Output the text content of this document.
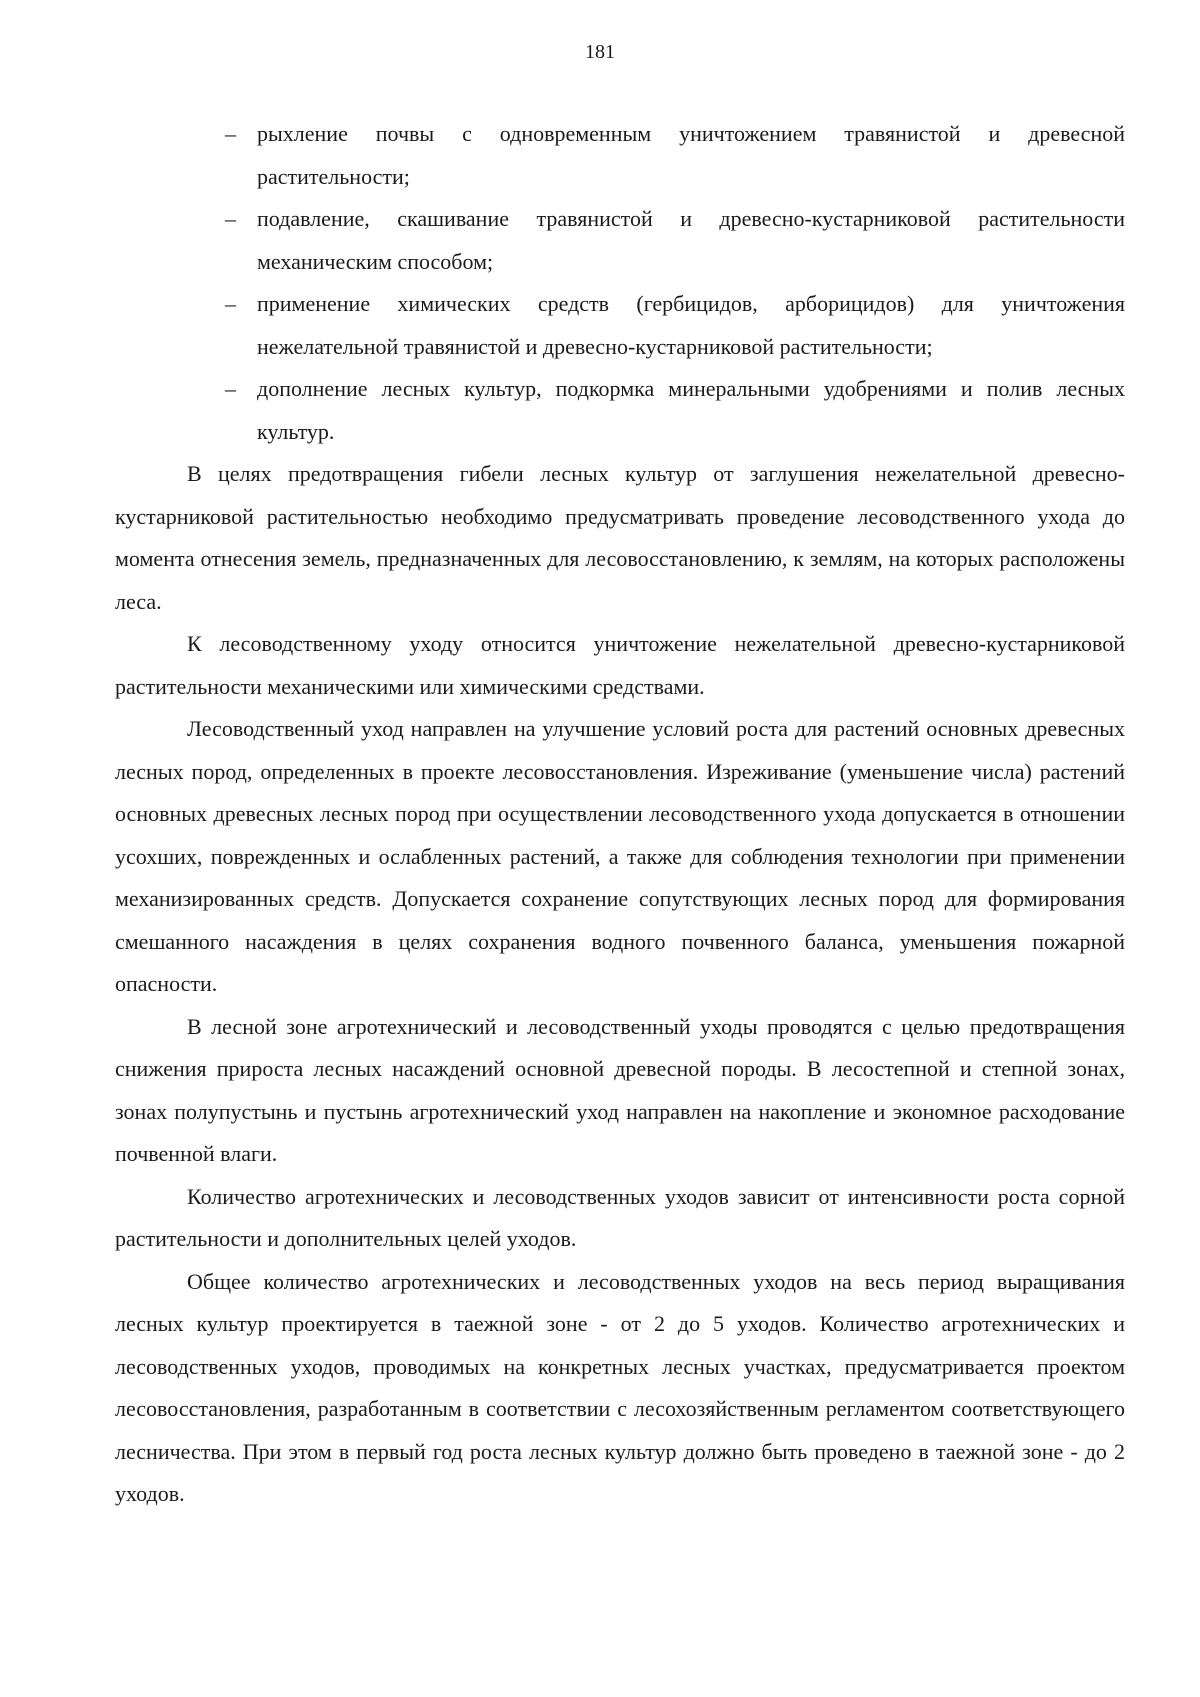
181
– рыхление почвы с одновременным уничтожением травянистой и древесной растительности;
– подавление, скашивание травянистой и древесно-кустарниковой растительности механическим способом;
– применение химических средств (гербицидов, арборицидов) для уничтожения нежелательной травянистой и древесно-кустарниковой растительности;
– дополнение лесных культур, подкормка минеральными удобрениями и полив лесных культур.

В целях предотвращения гибели лесных культур от заглушения нежелательной древесно-кустарниковой растительностью необходимо предусматривать проведение лесоводственного ухода до момента отнесения земель, предназначенных для лесовосстановлению, к землям, на которых расположены леса.

К лесоводственному уходу относится уничтожение нежелательной древесно-кустарниковой растительности механическими или химическими средствами.

Лесоводственный уход направлен на улучшение условий роста для растений основных древесных лесных пород, определенных в проекте лесовосстановления. Изреживание (уменьшение числа) растений основных древесных лесных пород при осуществлении лесоводственного ухода допускается в отношении усохших, поврежденных и ослабленных растений, а также для соблюдения технологии при применении механизированных средств. Допускается сохранение сопутствующих лесных пород для формирования смешанного насаждения в целях сохранения водного почвенного баланса, уменьшения пожарной опасности.

В лесной зоне агротехнический и лесоводственный уходы проводятся с целью предотвращения снижения прироста лесных насаждений основной древесной породы. В лесостепной и степной зонах, зонах полупустынь и пустынь агротехнический уход направлен на накопление и экономное расходование почвенной влаги.

Количество агротехнических и лесоводственных уходов зависит от интенсивности роста сорной растительности и дополнительных целей уходов.

Общее количество агротехнических и лесоводственных уходов на весь период выращивания лесных культур проектируется в таежной зоне - от 2 до 5 уходов. Количество агротехнических и лесоводственных уходов, проводимых на конкретных лесных участках, предусматривается проектом лесовосстановления, разработанным в соответствии с лесохозяйственным регламентом соответствующего лесничества. При этом в первый год роста лесных культур должно быть проведено в таежной зоне - до 2 уходов.
